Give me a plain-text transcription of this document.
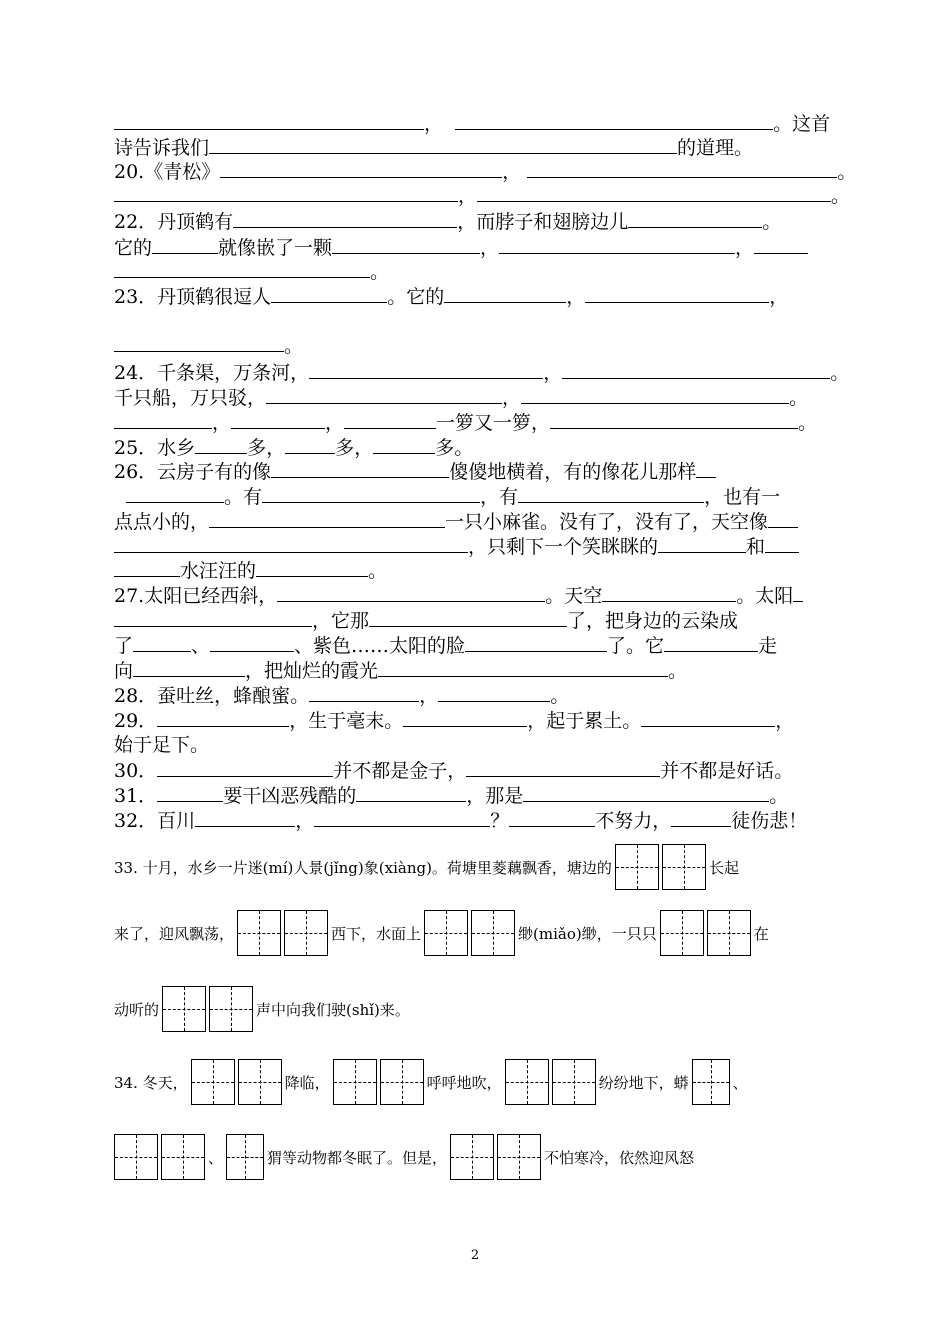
，	。这首
诗告诉我们	的道理。
20.《青松》	，	。
，	。
22．丹顶鹤有	，而脖子和翅膀边儿	。
它的	就像嵌了一颗	，	，
。
23．丹顶鹤很逗人	。它的	，	，
。
24．千条渠，万条河，	，	。
千只船，万只驳，	，	。
，	，	一箩又一箩，	。
25．水乡	多，	多，	多。
26．云房子有的像	傻傻地横着，有的像花儿那样
。有	，有	，也有一
点点小的，	一只小麻雀。没有了，没有了，天空像
，只剩下一个笑眯眯的	和
水汪汪的	。
27.太阳已经西斜，	。天空	。太阳
，它那	了，把身边的云染成
了	、	、紫色……太阳的脸	了。它	走
向	，把灿烂的霞光	。
28．蚕吐丝，蜂酿蜜。	，	。
29．	，生于毫末。	，起于累土。	，
始于足下。
30．	并不都是金子，	并不都是好话。
31．	要干凶恶残酷的	，那是	。
32．百川	，	？	不努力，	徒伤悲！
33. 十月，水乡一片迷(mí)人景(jǐng)象(xiàng)。荷塘里菱藕飘香，塘边的	长起
来了，迎风飘荡，	西下，水面上	缈(miǎo)缈，一只只	在
动听的	声中向我们驶(shǐ)来。
34. 冬天，	降临，	呼呼地吹，	纷纷地下，蟒	、
、	猬等动物都冬眠了。但是，	不怕寒冷，依然迎风怒
2
